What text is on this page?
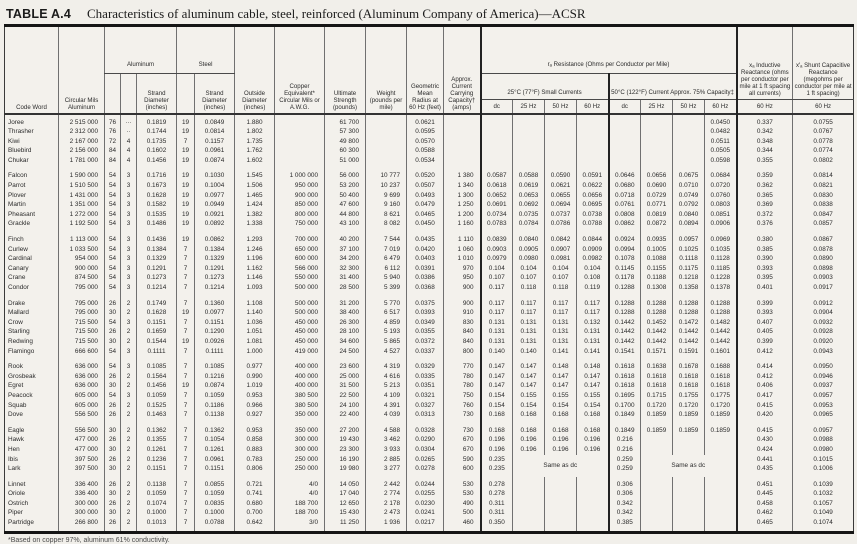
TABLE A.4 Characteristics of aluminum cable, steel, reinforced (Aluminum Company of America)—ACSR
Code Word	Circular Mils Aluminum	Aluminum			Steel		Outside Diameter (inches)	Copper Equivalent* Circular Mils or A.W.G.	Ultimate Strength (pounds)	Weight (pounds per mile)	Geometric Mean Radius at 60 Hz (feet)	Approx. Current Carrying Capacity† (amps)	rₐ Resistance (Ohms per Conductor per Mile)								xₐ Inductive Reactance (ohms per conductor per mile at 1 ft spacing all currents)	x′ₐ Shunt Capacitive Reactance (megohms per conductor per mile at 1 ft spacing)
				Strand Diameter (inches)		Strand Diameter (inches)							25°C (77°F) Small Currents				50°C (122°F) Current Approx. 75% Capacity‡					
													dc	25 Hz	50 Hz	60 Hz	dc	25 Hz	50 Hz	60 Hz	60 Hz	60 Hz
Joree	2 515 000	76	···	0.1819	19	0.0849	1.880		61 700		0.0621									0.0450	0.337	0.0755
Thrasher	2 312 000	76	··	0.1744	19	0.0814	1.802		57 300		0.0595									0.0482	0.342	0.0767
Kiwi	2 167 000	72	4	0.1735	7	0.1157	1.735		49 800		0.0570									0.0511	0.348	0.0778
Bluebird	2 156 000	84	4	0.1602	19	0.0961	1.762		60 300		0.0588									0.0505	0.344	0.0774
Chukar	1 781 000	84	4	0.1456	19	0.0874	1.602		51 000		0.0534									0.0598	0.355	0.0802
Falcon	1 590 000	54	3	0.1716	19	0.1030	1.545	1 000 000	56 000	10 777	0.0520	1 380	0.0587	0.0588	0.0590	0.0591	0.0646	0.0656	0.0675	0.0684	0.359	0.0814
Parrot	1 510 500	54	3	0.1673	19	0.1004	1.506	950 000	53 200	10 237	0.0507	1 340	0.0618	0.0619	0.0621	0.0622	0.0680	0.0690	0.0710	0.0720	0.362	0.0821
Plover	1 431 000	54	3	0.1628	19	0.0977	1.465	900 000	50 400	9 699	0.0493	1 300	0.0652	0.0653	0.0655	0.0656	0.0718	0.0729	0.0749	0.0760	0.365	0.0830
Martin	1 351 000	54	3	0.1582	19	0.0949	1.424	850 000	47 600	9 160	0.0479	1 250	0.0691	0.0692	0.0694	0.0695	0.0761	0.0771	0.0792	0.0803	0.369	0.0838
Pheasant	1 272 000	54	3	0.1535	19	0.0921	1.382	800 000	44 800	8 621	0.0465	1 200	0.0734	0.0735	0.0737	0.0738	0.0808	0.0819	0.0840	0.0851	0.372	0.0847
Grackle	1 192 500	54	3	0.1486	19	0.0892	1.338	750 000	43 100	8 082	0.0450	1 160	0.0783	0.0784	0.0786	0.0788	0.0862	0.0872	0.0894	0.0906	0.376	0.0857
Finch	1 113 000	54	3	0.1436	19	0.0862	1.293	700 000	40 200	7 544	0.0435	1 110	0.0839	0.0840	0.0842	0.0844	0.0924	0.0935	0.0957	0.0969	0.380	0.0867
Curlew	1 033 500	54	3	0.1384	7	0.1384	1.246	650 000	37 100	7 019	0.0420	1 060	0.0903	0.0905	0.0907	0.0909	0.0994	0.1005	0.1025	0.1035	0.385	0.0878
Cardinal	954 000	54	3	0.1329	7	0.1329	1.196	600 000	34 200	6 479	0.0403	1 010	0.0979	0.0980	0.0981	0.0982	0.1078	0.1088	0.1118	0.1128	0.390	0.0890
Canary	900 000	54	3	0.1291	7	0.1291	1.162	566 000	32 300	6 112	0.0391	970	0.104	0.104	0.104	0.104	0.1145	0.1155	0.1175	0.1185	0.393	0.0898
Crane	874 500	54	3	0.1273	7	0.1273	1.146	550 000	31 400	5 940	0.0386	950	0.107	0.107	0.107	0.108	0.1178	0.1188	0.1218	0.1228	0.395	0.0903
Condor	795 000	54	3	0.1214	7	0.1214	1.093	500 000	28 500	5 399	0.0368	900	0.117	0.118	0.118	0.119	0.1288	0.1308	0.1358	0.1378	0.401	0.0917
Drake	795 000	26	2	0.1749	7	0.1360	1.108	500 000	31 200	5 770	0.0375	900	0.117	0.117	0.117	0.117	0.1288	0.1288	0.1288	0.1288	0.399	0.0912
Mallard	795 000	30	2	0.1628	19	0.0977	1.140	500 000	38 400	6 517	0.0393	910	0.117	0.117	0.117	0.117	0.1288	0.1288	0.1288	0.1288	0.393	0.0904
Crow	715 500	54	3	0.1151	7	0.1151	1.036	450 000	26 300	4 859	0.0349	830	0.131	0.131	0.131	0.132	0.1442	0.1452	0.1472	0.1482	0.407	0.0932
Starling	715 500	26	2	0.1659	7	0.1290	1.051	450 000	28 100	5 193	0.0355	840	0.131	0.131	0.131	0.131	0.1442	0.1442	0.1442	0.1442	0.405	0.0928
Redwing	715 500	30	2	0.1544	19	0.0926	1.081	450 000	34 600	5 865	0.0372	840	0.131	0.131	0.131	0.131	0.1442	0.1442	0.1442	0.1442	0.399	0.0920
Flamingo	666 600	54	3	0.1111	7	0.1111	1.000	419 000	24 500	4 527	0.0337	800	0.140	0.140	0.141	0.141	0.1541	0.1571	0.1591	0.1601	0.412	0.0943
Rook	636 000	54	3	0.1085	7	0.1085	0.977	400 000	23 600	4 319	0.0329	770	0.147	0.147	0.148	0.148	0.1618	0.1638	0.1678	0.1688	0.414	0.0950
Grosbeak	636 000	26	2	0.1564	7	0.1216	0.990	400 000	25 000	4 616	0.0335	780	0.147	0.147	0.147	0.147	0.1618	0.1618	0.1618	0.1618	0.412	0.0946
Egret	636 000	30	2	0.1456	19	0.0874	1.019	400 000	31 500	5 213	0.0351	780	0.147	0.147	0.147	0.147	0.1618	0.1618	0.1618	0.1618	0.406	0.0937
Peacock	605 000	54	3	0.1059	7	0.1059	0.953	380 500	22 500	4 109	0.0321	750	0.154	0.155	0.155	0.155	0.1695	0.1715	0.1755	0.1775	0.417	0.0957
Squab	605 000	26	2	0.1525	7	0.1186	0.966	380 500	24 100	4 391	0.0327	760	0.154	0.154	0.154	0.154	0.1700	0.1720	0.1720	0.1720	0.415	0.0953
Dove	556 500	26	2	0.1463	7	0.1138	0.927	350 000	22 400	4 039	0.0313	730	0.168	0.168	0.168	0.168	0.1849	0.1859	0.1859	0.1859	0.420	0.0965
Eagle	556 500	30	2	0.1362	7	0.1362	0.953	350 000	27 200	4 588	0.0328	730	0.168	0.168	0.168	0.168	0.1849	0.1859	0.1859	0.1859	0.415	0.0957
Hawk	477 000	26	2	0.1355	7	0.1054	0.858	300 000	19 430	3 462	0.0290	670	0.196	0.196	0.196	0.196	0.216				0.430	0.0988
Hen	477 000	30	2	0.1261	7	0.1261	0.883	300 000	23 300	3 933	0.0304	670	0.196	0.196	0.196	0.196	0.216				0.424	0.0980
Ibis	397 500	26	2	0.1236	7	0.0961	0.783	250 000	16 190	2 885	0.0265	590	0.235	Same as dc			0.259	Same as dc			0.441	0.1015
Lark	397 500	30	2	0.1151	7	0.1151	0.806	250 000	19 980	3 277	0.0278	600	0.235				0.259				0.435	0.1006
Linnet	336 400	26	2	0.1138	7	0.0855	0.721	4/0	14 050	2 442	0.0244	530	0.278				0.306				0.451	0.1039
Oriole	336 400	30	2	0.1059	7	0.1059	0.741	4/0	17 040	2 774	0.0255	530	0.278				0.306				0.445	0.1032
Ostrich	300 000	26	2	0.1074	7	0.0835	0.680	188 700	12 650	2 178	0.0230	490	0.311				0.342				0.458	0.1057
Piper	300 000	30	2	0.1000	7	0.1000	0.700	188 700	15 430	2 473	0.0241	500	0.311				0.342				0.462	0.1049
Partridge	266 800	26	2	0.1013	7	0.0788	0.642	3/0	11 250	1 936	0.0217	460	0.350				0.385				0.465	0.1074
*Based on copper 97%, aluminum 61% conductivity.
